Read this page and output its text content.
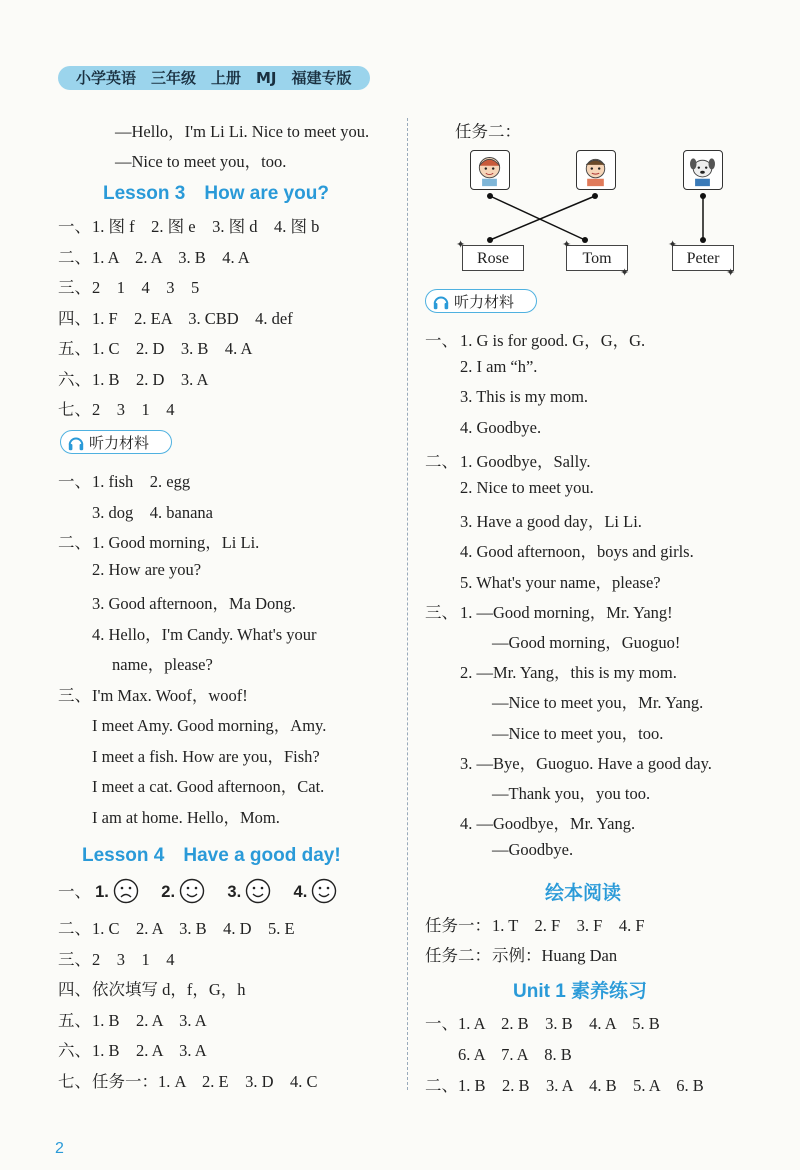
小学英语　三年级　上册　MJ　福建专版
—Hello，I'm Li Li. Nice to meet you.
—Nice to meet you，too.
Lesson 3　How are you?
一、 1. 图 f　2. 图 e　3. 图 d　4. 图 b
二、 1. A　2. A　3. B　4. A
三、 2　1　4　3　5
四、 1. F　2. EA　3. CBD　4. def
五、 1. C　2. D　3. B　4. A
六、 1. B　2. D　3. A
七、 2　3　1　4
听力材料
一、 1. fish　2. egg
3. dog　4. banana
二、 1. Good morning，Li Li.
2. How are you?
3. Good afternoon，Ma Dong.
4. Hello，I'm Candy. What's your
name，please?
三、 I'm Max. Woof，woof!
I meet Amy. Good morning，Amy.
I meet a fish. How are you，Fish?
I meet a cat. Good afternoon，Cat.
I am at home. Hello，Mom.
Lesson 4　Have a good day!
一、 1.	2.	3.	4.
二、 1. C　2. A　3. B　4. D　5. E
三、 2　3　1　4
四、 依次填写 d，f，G，h
五、 1. B　2. A　3. A
六、 1. B　2. A　3. A
七、 任务一：1. A　2. E　3. D　4. C
任务二：
Rose	Tom	Peter
✦	✦
✦
✦
✦
听力材料
一、 1. G is for good. G，G，G.
2. I am “h”.
3. This is my mom.
4. Goodbye.
二、 1. Goodbye，Sally.
2. Nice to meet you.
3. Have a good day，Li Li.
4. Good afternoon，boys and girls.
5. What's your name，please?
三、 1. —Good morning，Mr. Yang!
—Good morning，Guoguo!
2. —Mr. Yang，this is my mom.
—Nice to meet you，Mr. Yang.
—Nice to meet you，too.
3. —Bye，Guoguo. Have a good day.
—Thank you，you too.
4. —Goodbye，Mr. Yang.
—Goodbye.
绘本阅读
任务一： 1. T　2. F　3. F　4. F
任务二： 示例：Huang Dan
Unit 1 素养练习
一、 1. A　2. B　3. B　4. A　5. B
6. A　7. A　8. B
二、 1. B　2. B　3. A　4. B　5. A　6. B
2
